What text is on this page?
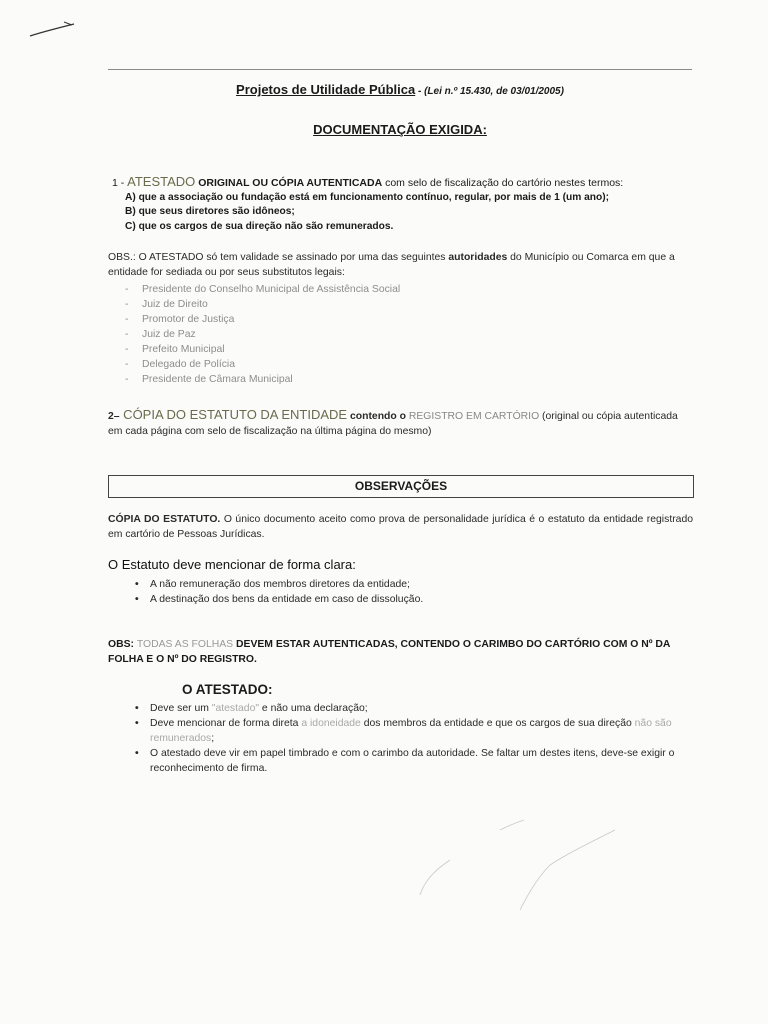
Projetos de Utilidade Pública - (Lei n.º 15.430, de 03/01/2005)
DOCUMENTAÇÃO EXIGIDA:
1 - ATESTADO ORIGINAL OU CÓPIA AUTENTICADA com selo de fiscalização do cartório nestes termos:
A) que a associação ou fundação está em funcionamento contínuo, regular, por mais de 1 (um ano);
B) que seus diretores são idôneos;
C) que os cargos de sua direção não são remunerados.
OBS.: O ATESTADO só tem validade se assinado por uma das seguintes autoridades do Município ou Comarca em que a entidade for sediada ou por seus substitutos legais:
- Presidente do Conselho Municipal de Assistência Social
- Juiz de Direito
- Promotor de Justiça
- Juiz de Paz
- Prefeito Municipal
- Delegado de Polícia
- Presidente de Câmara Municipal
2– CÓPIA DO ESTATUTO DA ENTIDADE contendo o REGISTRO EM CARTÓRIO (original ou cópia autenticada em cada página com selo de fiscalização na última página do mesmo)
OBSERVAÇÕES
CÓPIA DO ESTATUTO. O único documento aceito como prova de personalidade jurídica é o estatuto da entidade registrado em cartório de Pessoas Jurídicas.
O Estatuto deve mencionar de forma clara:
• A não remuneração dos membros diretores da entidade;
• A destinação dos bens da entidade em caso de dissolução.
OBS: TODAS AS FOLHAS DEVEM ESTAR AUTENTICADAS, CONTENDO O CARIMBO DO CARTÓRIO COM O Nº DA FOLHA E O Nº DO REGISTRO.
O ATESTADO:
• Deve ser um "atestado" e não uma declaração;
• Deve mencionar de forma direta a idoneidade dos membros da entidade e que os cargos de sua direção não são remunerados;
• O atestado deve vir em papel timbrado e com o carimbo da autoridade. Se faltar um destes itens, deve-se exigir o reconhecimento de firma.
